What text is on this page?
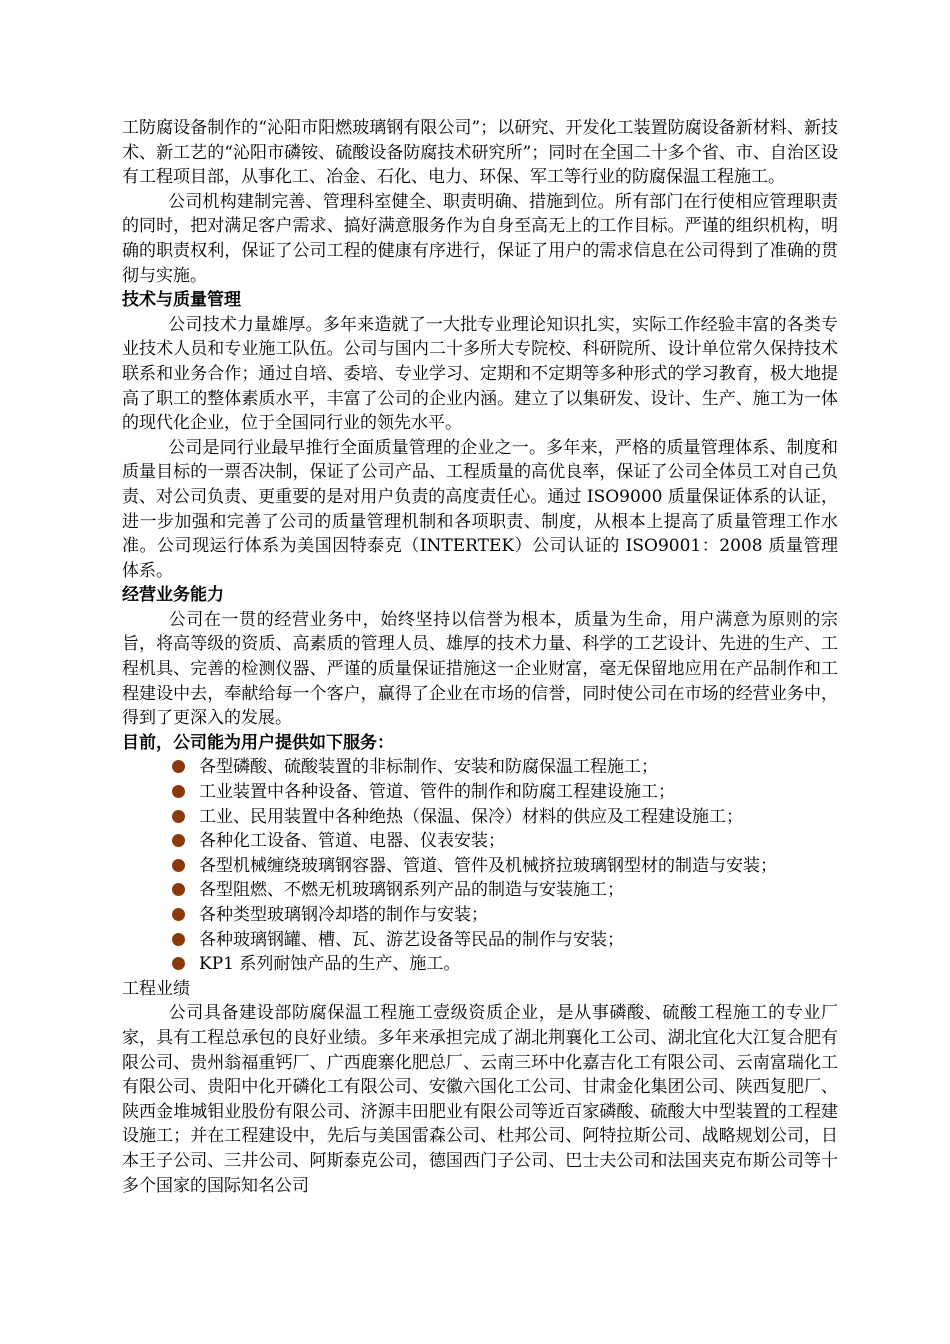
工防腐设备制作的“沁阳市阳燃玻璃钢有限公司”；以研究、开发化工装置防腐设备新材料、新技术、新工艺的“沁阳市磷铵、硫酸设备防腐技术研究所”；同时在全国二十多个省、市、自治区设有工程项目部，从事化工、冶金、石化、电力、环保、军工等行业的防腐保温工程施工。

公司机构建制完善、管理科室健全、职责明确、措施到位。所有部门在行使相应管理职责的同时，把对满足客户需求、搞好满意服务作为自身至高无上的工作目标。严谨的组织机构，明确的职责权利，保证了公司工程的健康有序进行，保证了用户的需求信息在公司得到了准确的贯彻与实施。

技术与质量管理

公司技术力量雄厚。多年来造就了一大批专业理论知识扎实，实际工作经验丰富的各类专业技术人员和专业施工队伍。公司与国内二十多所大专院校、科研院所、设计单位常久保持技术联系和业务合作；通过自培、委培、专业学习、定期和不定期等多种形式的学习教育，极大地提高了职工的整体素质水平，丰富了公司的企业内涵。建立了以集研发、设计、生产、施工为一体的现代化企业，位于全国同行业的领先水平。

公司是同行业最早推行全面质量管理的企业之一。多年来，严格的质量管理体系、制度和质量目标的一票否决制，保证了公司产品、工程质量的高优良率，保证了公司全体员工对自己负责、对公司负责、更重要的是对用户负责的高度责任心。通过 ISO9000 质量保证体系的认证，进一步加强和完善了公司的质量管理机制和各项职责、制度，从根本上提高了质量管理工作水准。公司现运行体系为美国因特泰克（INTERTEK）公司认证的 ISO9001：2008 质量管理体系。

经营业务能力

公司在一贯的经营业务中，始终坚持以信誉为根本，质量为生命，用户满意为原则的宗旨，将高等级的资质、高素质的管理人员、雄厚的技术力量、科学的工艺设计、先进的生产、工程机具、完善的检测仪器、严谨的质量保证措施这一企业财富，毫无保留地应用在产品制作和工程建设中去，奉献给每一个客户，赢得了企业在市场的信誉，同时使公司在市场的经营业务中，得到了更深入的发展。

目前，公司能为用户提供如下服务：

各型磷酸、硫酸装置的非标制作、安装和防腐保温工程施工；
工业装置中各种设备、管道、管件的制作和防腐工程建设施工；
工业、民用装置中各种绝热（保温、保冷）材料的供应及工程建设施工；
各种化工设备、管道、电器、仪表安装；
各型机械缠绕玻璃钢容器、管道、管件及机械挤拉玻璃钢型材的制造与安装；
各型阻燃、不燃无机玻璃钢系列产品的制造与安装施工；
各种类型玻璃钢冷却塔的制作与安装；
各种玻璃钢罐、槽、瓦、游艺设备等民品的制作与安装；
KP1 系列耐蚀产品的生产、施工。

工程业绩

公司具备建设部防腐保温工程施工壹级资质企业，是从事磷酸、硫酸工程施工的专业厂家，具有工程总承包的良好业绩。多年来承担完成了湖北荆襄化工公司、湖北宜化大江复合肥有限公司、贵州翁福重钙厂、广西鹿寨化肥总厂、云南三环中化嘉吉化工有限公司、云南富瑞化工有限公司、贵阳中化开磷化工有限公司、安徽六国化工公司、甘肃金化集团公司、陕西复肥厂、陕西金堆城钼业股份有限公司、济源丰田肥业有限公司等近百家磷酸、硫酸大中型装置的工程建设施工；并在工程建设中，先后与美国雷森公司、杜邦公司、阿特拉斯公司、战略规划公司，日本王子公司、三井公司、阿斯泰克公司，德国西门子公司、巴士夫公司和法国夹克布斯公司等十多个国家的国际知名公司
